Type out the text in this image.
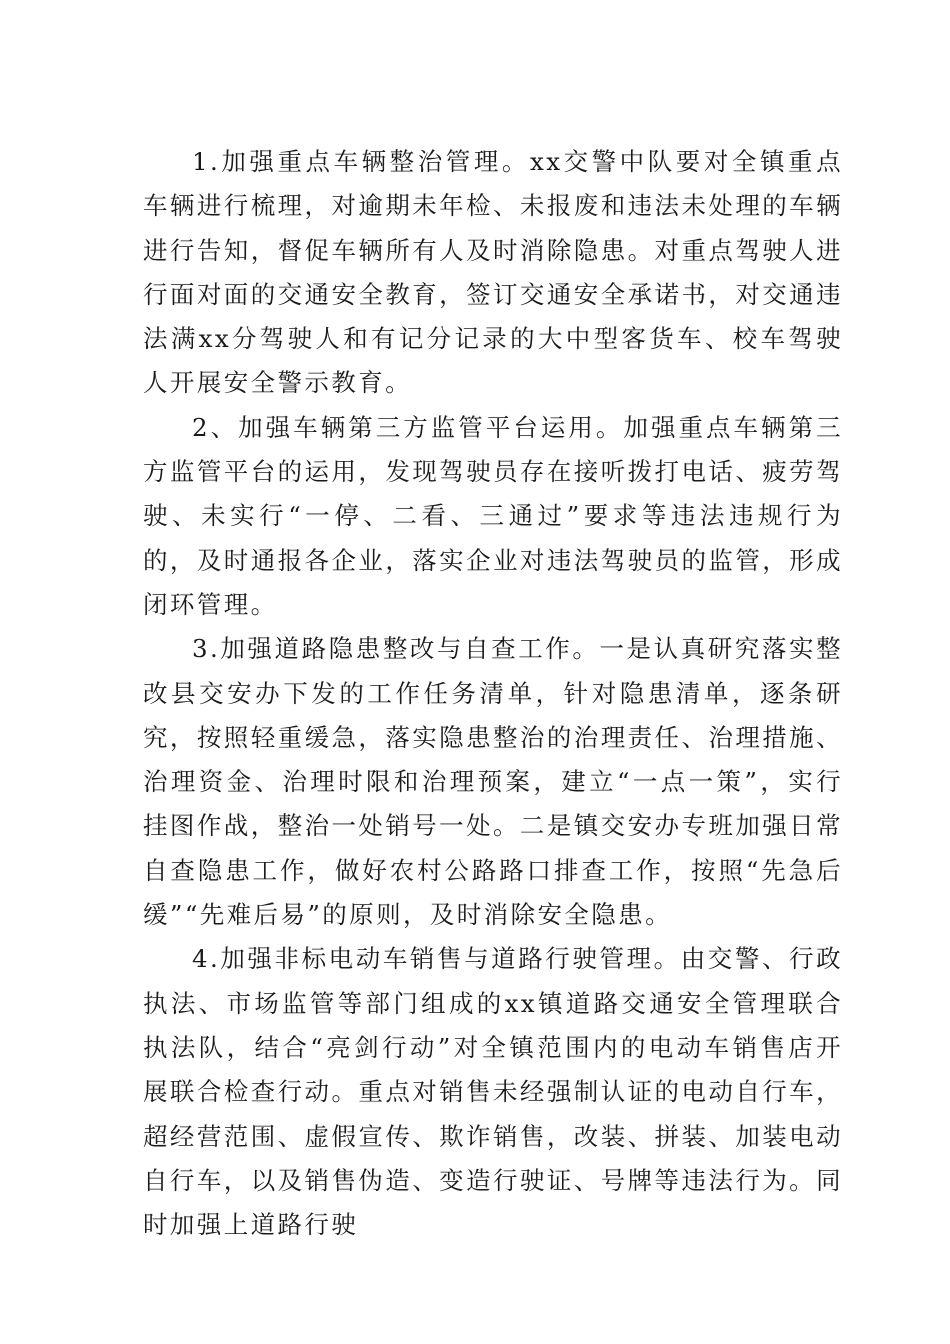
1.加强重点车辆整治管理。xx交警中队要对全镇重点车辆进行梳理，对逾期未年检、未报废和违法未处理的车辆进行告知，督促车辆所有人及时消除隐患。对重点驾驶人进行面对面的交通安全教育，签订交通安全承诺书，对交通违法满xx分驾驶人和有记分记录的大中型客货车、校车驾驶人开展安全警示教育。

2、加强车辆第三方监管平台运用。加强重点车辆第三方监管平台的运用，发现驾驶员存在接听拨打电话、疲劳驾驶、未实行“一停、二看、三通过”要求等违法违规行为的，及时通报各企业，落实企业对违法驾驶员的监管，形成闭环管理。

3.加强道路隐患整改与自查工作。一是认真研究落实整改县交安办下发的工作任务清单，针对隐患清单，逐条研究，按照轻重缓急，落实隐患整治的治理责任、治理措施、治理资金、治理时限和治理预案，建立“一点一策”，实行挂图作战，整治一处销号一处。二是镇交安办专班加强日常自查隐患工作，做好农村公路路口排查工作，按照“先急后缓”“先难后易”的原则，及时消除安全隐患。

4.加强非标电动车销售与道路行驶管理。由交警、行政执法、市场监管等部门组成的xx镇道路交通安全管理联合执法队，结合“亮剑行动”对全镇范围内的电动车销售店开展联合检查行动。重点对销售未经强制认证的电动自行车，超经营范围、虚假宣传、欺诈销售，改装、拼装、加装电动自行车，以及销售伪造、变造行驶证、号牌等违法行为。同时加强上道路行驶
